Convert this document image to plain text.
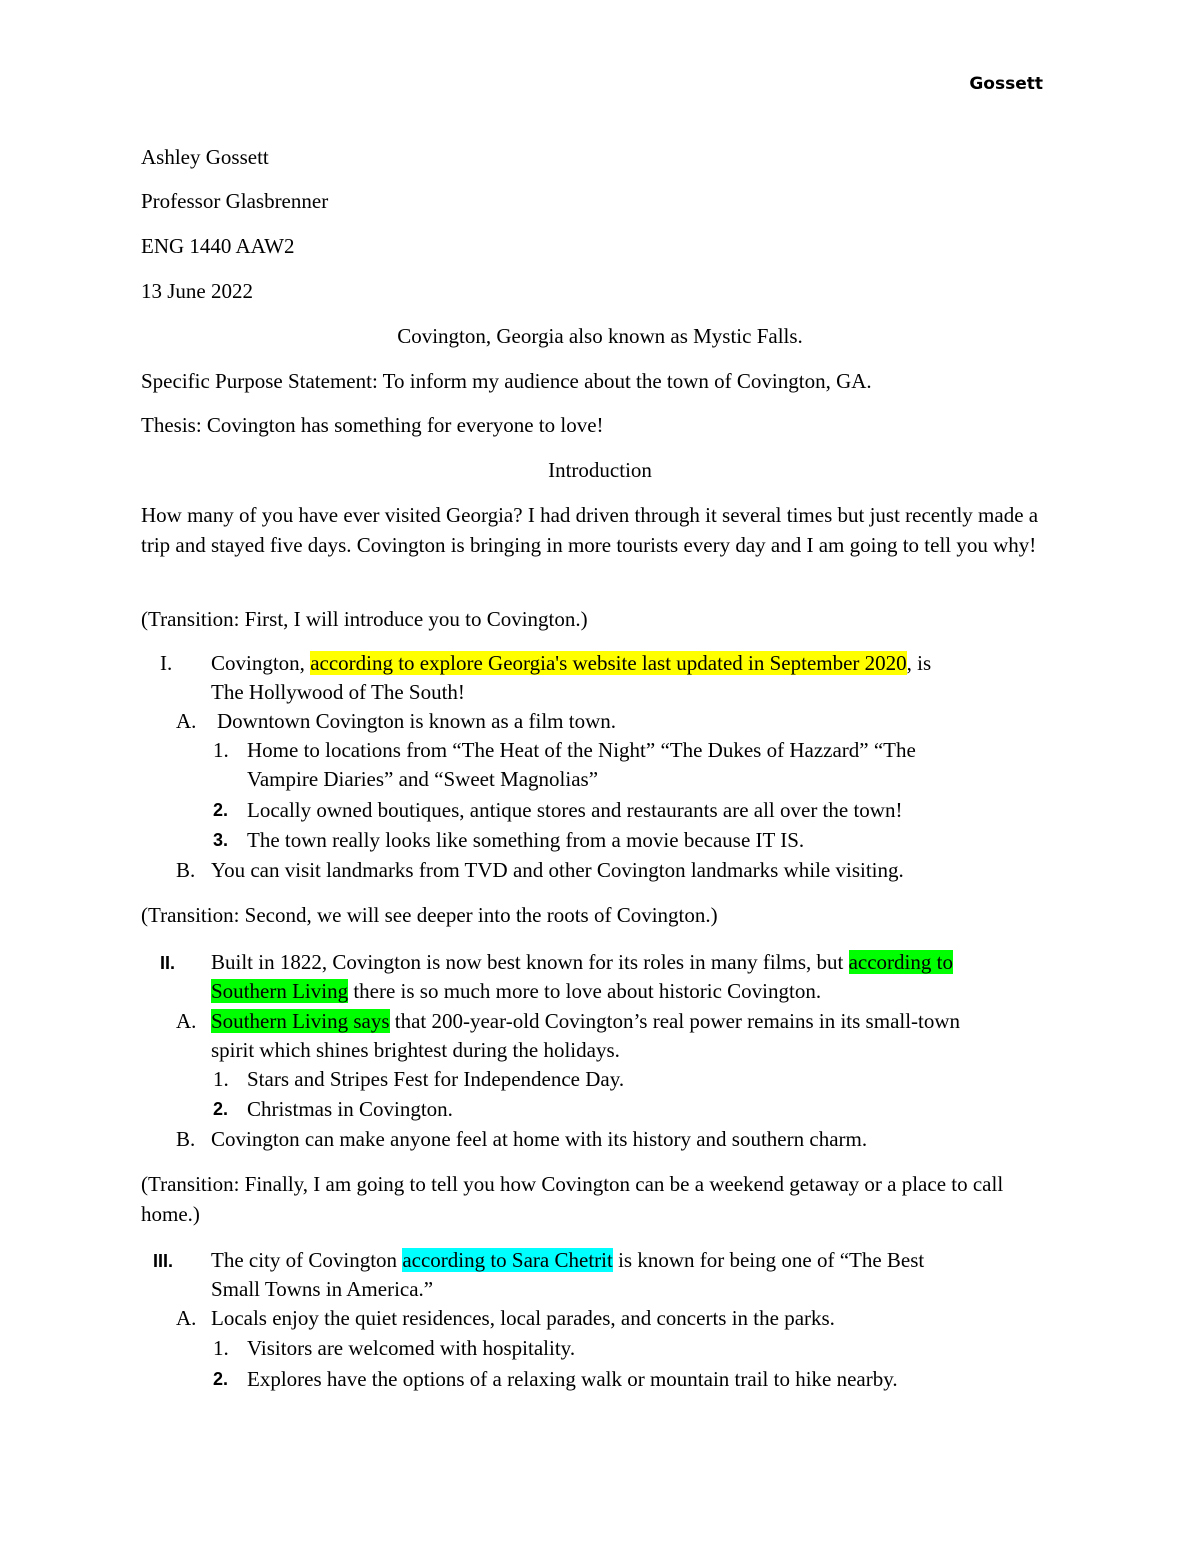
Gossett
Ashley Gossett
Professor Glasbrenner
ENG 1440 AAW2
13 June 2022
Covington, Georgia also known as Mystic Falls.
Specific Purpose Statement: To inform my audience about the town of Covington, GA.
Thesis: Covington has something for everyone to love!
Introduction
How many of you have ever visited Georgia? I had driven through it several times but just recently made a trip and stayed five days. Covington is bringing in more tourists every day and I am going to tell you why!
(Transition: First, I will introduce you to Covington.)
I. Covington, according to explore Georgia's website last updated in September 2020, is
The Hollywood of The South!
A. Downtown Covington is known as a film town.
1. Home to locations from “The Heat of the Night” “The Dukes of Hazzard” “The
Vampire Diaries” and “Sweet Magnolias”
2. Locally owned boutiques, antique stores and restaurants are all over the town!
3. The town really looks like something from a movie because IT IS.
B. You can visit landmarks from TVD and other Covington landmarks while visiting.
(Transition: Second, we will see deeper into the roots of Covington.)
II. Built in 1822, Covington is now best known for its roles in many films, but according to
Southern Living there is so much more to love about historic Covington.
A. Southern Living says that 200-year-old Covington’s real power remains in its small-town
spirit which shines brightest during the holidays.
1. Stars and Stripes Fest for Independence Day.
2. Christmas in Covington.
B. Covington can make anyone feel at home with its history and southern charm.
(Transition: Finally, I am going to tell you how Covington can be a weekend getaway or a place to call home.)
III. The city of Covington according to Sara Chetrit is known for being one of “The Best
Small Towns in America.”
A. Locals enjoy the quiet residences, local parades, and concerts in the parks.
1. Visitors are welcomed with hospitality.
2. Explores have the options of a relaxing walk or mountain trail to hike nearby.
